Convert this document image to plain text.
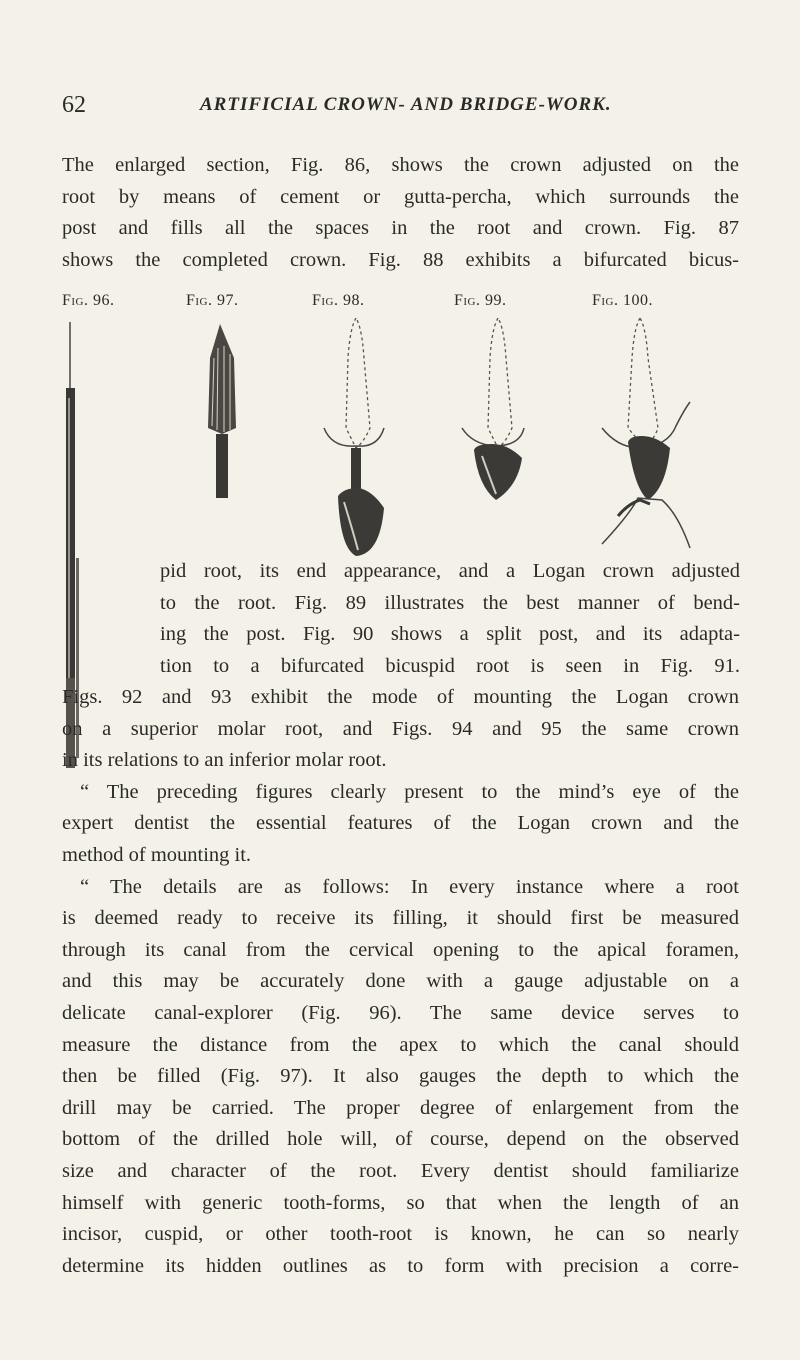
62	ARTIFICIAL CROWN- AND BRIDGE-WORK.
The enlarged section, Fig. 86, shows the crown adjusted on the
root by means of cement or gutta-percha, which surrounds the
post and fills all the spaces in the root and crown. Fig. 87
shows the completed crown. Fig. 88 exhibits a bifurcated bicus-
Fig. 96.	Fig. 97.	Fig. 98.	Fig. 99.	Fig. 100.
pid root, its end appearance, and a Logan crown adjusted
to the root. Fig. 89 illustrates the best manner of bend-
ing the post. Fig. 90 shows a split post, and its adapta-
tion to a bifurcated bicuspid root is seen in Fig. 91.
Figs. 92 and 93 exhibit the mode of mounting the Logan crown
on a superior molar root, and Figs. 94 and 95 the same crown
in its relations to an inferior molar root.
“ The preceding figures clearly present to the mind’s eye of the
expert dentist the essential features of the Logan crown and the
method of mounting it.
“ The details are as follows: In every instance where a root
is deemed ready to receive its filling, it should first be measured
through its canal from the cervical opening to the apical foramen,
and this may be accurately done with a gauge adjustable on a
delicate canal-explorer (Fig. 96). The same device serves to
measure the distance from the apex to which the canal should
then be filled (Fig. 97). It also gauges the depth to which the
drill may be carried. The proper degree of enlargement from the
bottom of the drilled hole will, of course, depend on the observed
size and character of the root. Every dentist should familiarize
himself with generic tooth-forms, so that when the length of an
incisor, cuspid, or other tooth-root is known, he can so nearly
determine its hidden outlines as to form with precision a corre-
